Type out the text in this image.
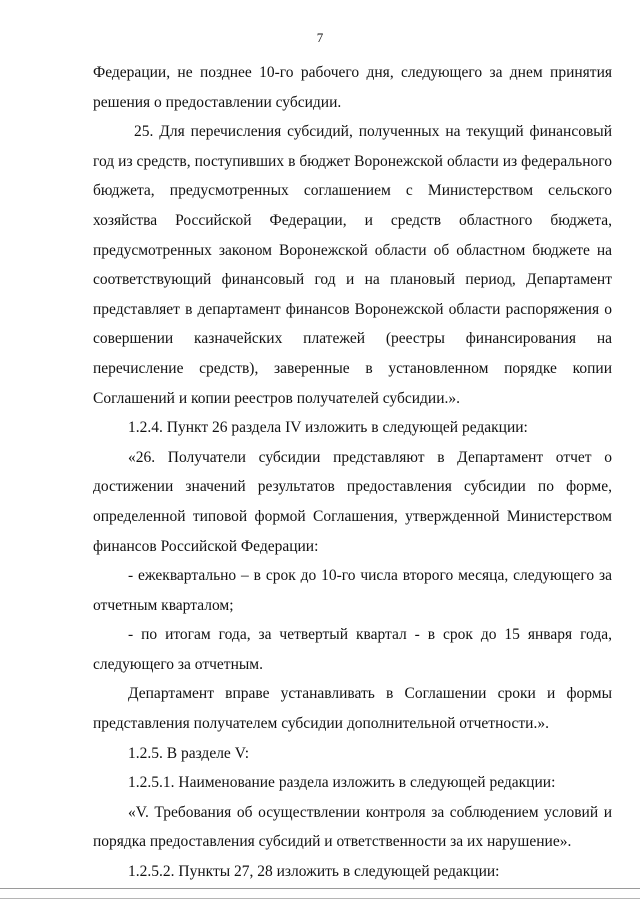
7

Федерации, не позднее 10-го рабочего дня, следующего за днем принятия решения о предоставлении субсидии.

25. Для перечисления субсидий, полученных на текущий финансовый год из средств, поступивших в бюджет Воронежской области из федерального бюджета, предусмотренных соглашением с Министерством сельского хозяйства Российской Федерации, и средств областного бюджета, предусмотренных законом Воронежской области об областном бюджете на соответствующий финансовый год и на плановый период, Департамент представляет в департамент финансов Воронежской области распоряжения о совершении казначейских платежей (реестры финансирования на перечисление средств), заверенные в установленном порядке копии Соглашений и копии реестров получателей субсидии.».

1.2.4. Пункт 26 раздела IV изложить в следующей редакции:

«26. Получатели субсидии представляют в Департамент отчет о достижении значений результатов предоставления субсидии по форме, определенной типовой формой Соглашения, утвержденной Министерством финансов Российской Федерации:

- ежеквартально – в срок до 10-го числа второго месяца, следующего за отчетным кварталом;

- по итогам года, за четвертый квартал - в срок до 15 января года, следующего за отчетным.

Департамент вправе устанавливать в Соглашении сроки и формы представления получателем субсидии дополнительной отчетности.».

1.2.5. В разделе V:

1.2.5.1. Наименование раздела изложить в следующей редакции:

«V. Требования об осуществлении контроля за соблюдением условий и порядка предоставления субсидий и ответственности за их нарушение».

1.2.5.2. Пункты 27, 28 изложить в следующей редакции:
